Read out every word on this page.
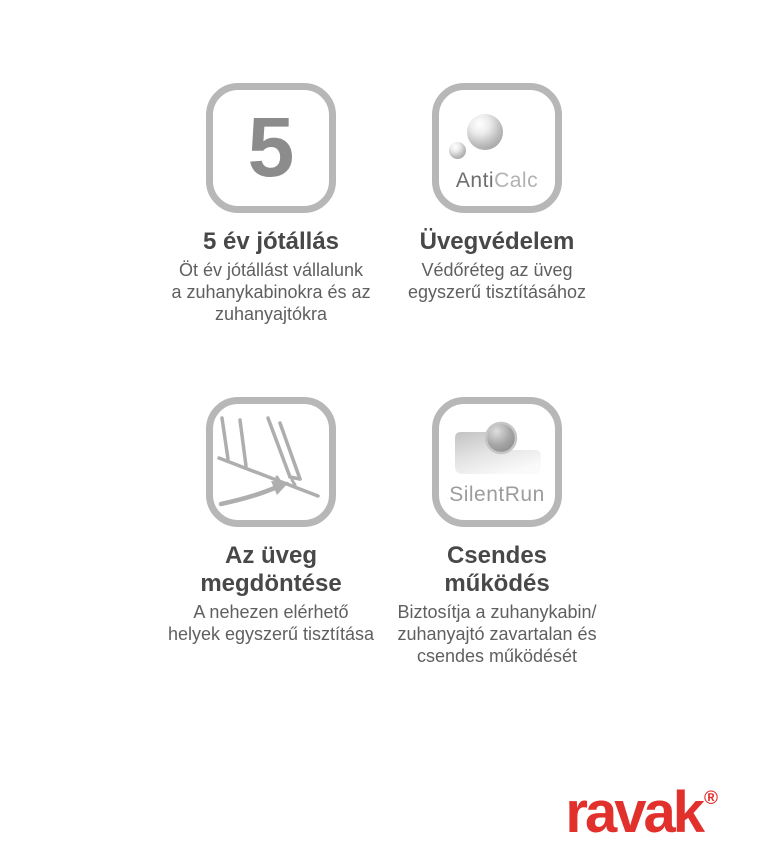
5
5 év jótállás
Öt év jótállást vállalunk
a zuhanykabinokra és az
zuhanyajtókra
AntiCalc
Üvegvédelem
Védőréteg az üveg
egyszerű tisztításához
Az üveg
megdöntése
A nehezen elérhető
helyek egyszerű tisztítása
SilentRun
Csendes
működés
Biztosítja a zuhanykabin/
zuhanyajtó zavartalan és
csendes működését
ravak ®
